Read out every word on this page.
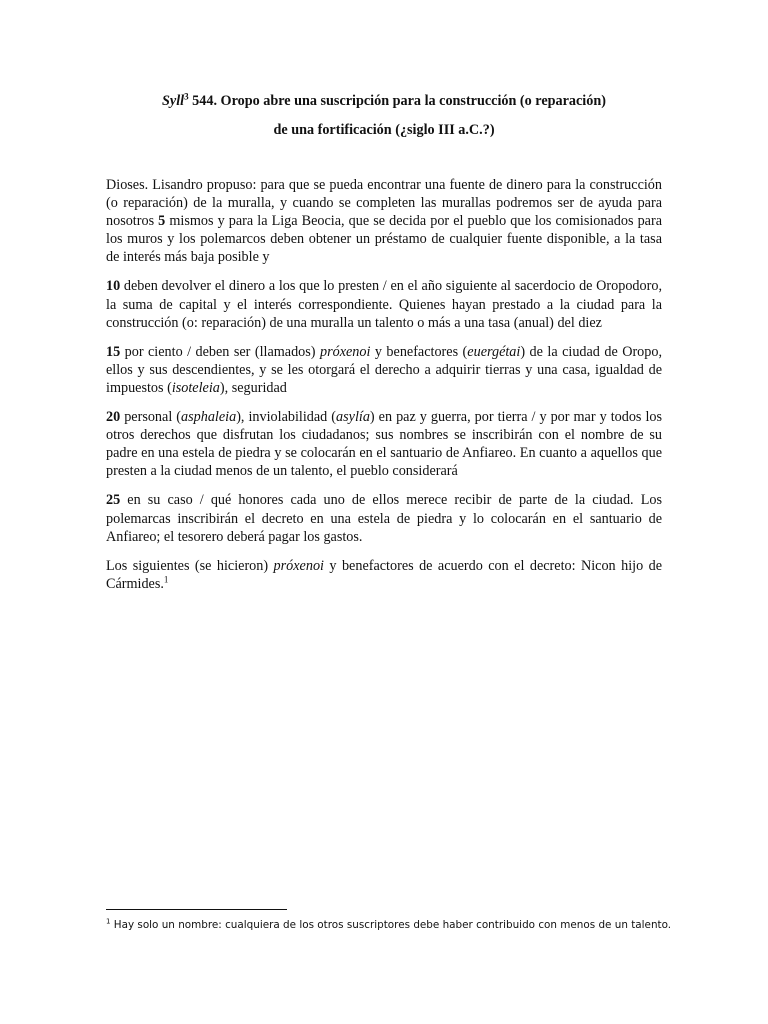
Syll$^3$ 544. Oropo abre una suscripción para la construcción (o reparación)
de una fortificación (¿siglo III a.C.?)

Dioses. Lisandro propuso: para que se pueda encontrar una fuente de dinero para la construcción (o reparación) de la muralla, y cuando se completen las murallas podremos ser de ayuda para nosotros 5 mismos y para la Liga Beocia, que se decida por el pueblo que los comisionados para los muros y los polemarcos deben obtener un préstamo de cualquier fuente disponible, a la tasa de interés más baja posible y

10 deben devolver el dinero a los que lo presten / en el año siguiente al sacerdocio de Oropodoro, la suma de capital y el interés correspondiente. Quienes hayan prestado a la ciudad para la construcción (o: reparación) de una muralla un talento o más a una tasa (anual) del diez

15 por ciento / deben ser (llamados) próxenoi y benefactores (euergétai) de la ciudad de Oropo, ellos y sus descendientes, y se les otorgará el derecho a adquirir tierras y una casa, igualdad de impuestos (isoteleia), seguridad

20 personal (asphaleia), inviolabilidad (asylía) en paz y guerra, por tierra / y por mar y todos los otros derechos que disfrutan los ciudadanos; sus nombres se inscribirán con el nombre de su padre en una estela de piedra y se colocarán en el santuario de Anfiareo. En cuanto a aquellos que presten a la ciudad menos de un talento, el pueblo considerará

25 en su caso / qué honores cada uno de ellos merece recibir de parte de la ciudad. Los polemarcas inscribirán el decreto en una estela de piedra y lo colocarán en el santuario de Anfiareo; el tesorero deberá pagar los gastos.

Los siguientes (se hicieron) próxenoi y benefactores de acuerdo con el decreto: Nicon hijo de Cármides.$^1$

$^1$ Hay solo un nombre: cualquiera de los otros suscriptores debe haber contribuido con menos de un talento.
